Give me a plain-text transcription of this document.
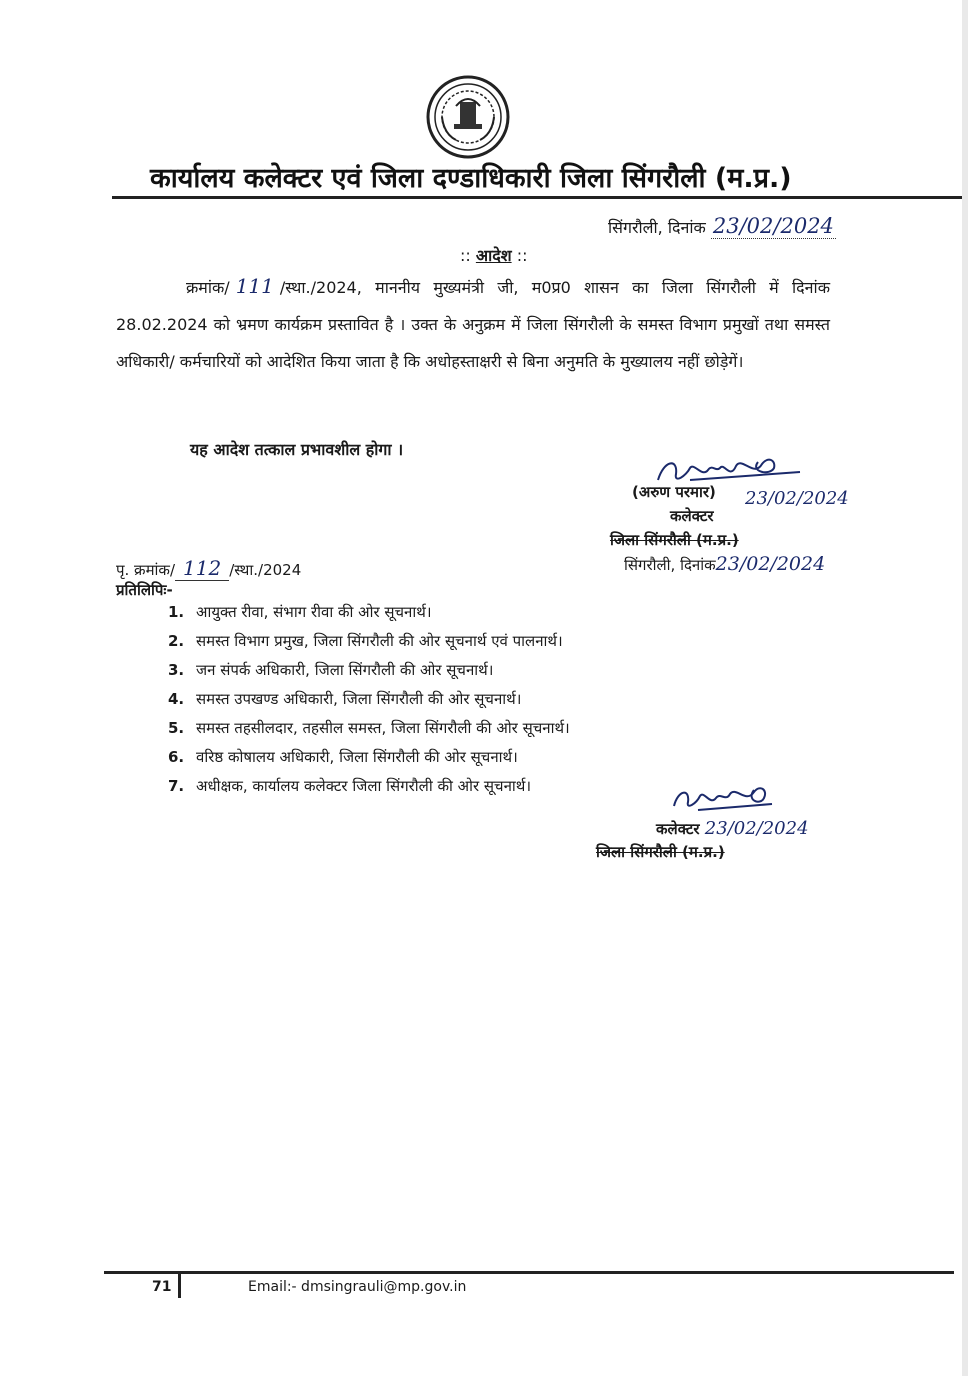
कार्यालय कलेक्टर एवं जिला दण्डाधिकारी जिला सिंगरौली (म.प्र.)
सिंगरौली, दिनांक 23/02/2024
:: आदेश ::
क्रमांक/ 111 /स्था./2024, माननीय मुख्यमंत्री जी, म0प्र0 शासन का जिला सिंगरौली में दिनांक 28.02.2024 को भ्रमण कार्यक्रम प्रस्तावित है । उक्त के अनुक्रम में जिला सिंगरौली के समस्त विभाग प्रमुखों तथा समस्त अधिकारी/ कर्मचारियों को आदेशित किया जाता है कि अधोहस्ताक्षरी से बिना अनुमति के मुख्यालय नहीं छोड़ेगें।
यह आदेश तत्काल प्रभावशील होगा ।
(अरुण परमार) 23/02/2024
कलेक्टर
जिला सिंगरौली (म.प्र.)
पृ. क्रमांक/ 112 /स्था./2024	सिंगरौली, दिनांक23/02/2024
प्रतिलिपिः-
1. आयुक्त रीवा, संभाग रीवा की ओर सूचनार्थ।
2. समस्त विभाग प्रमुख, जिला सिंगरौली की ओर सूचनार्थ एवं पालनार्थ।
3. जन संपर्क अधिकारी, जिला सिंगरौली की ओर सूचनार्थ।
4. समस्त उपखण्ड अधिकारी, जिला सिंगरौली की ओर सूचनार्थ।
5. समस्त तहसीलदार, तहसील समस्त, जिला सिंगरौली की ओर सूचनार्थ।
6. वरिष्ठ कोषालय अधिकारी, जिला सिंगरौली की ओर सूचनार्थ।
7. अधीक्षक, कार्यालय कलेक्टर जिला सिंगरौली की ओर सूचनार्थ।
कलेक्टर 23/02/2024
जिला सिंगरौली (म.प्र.)
71	Email:- dmsingrauli@mp.gov.in
